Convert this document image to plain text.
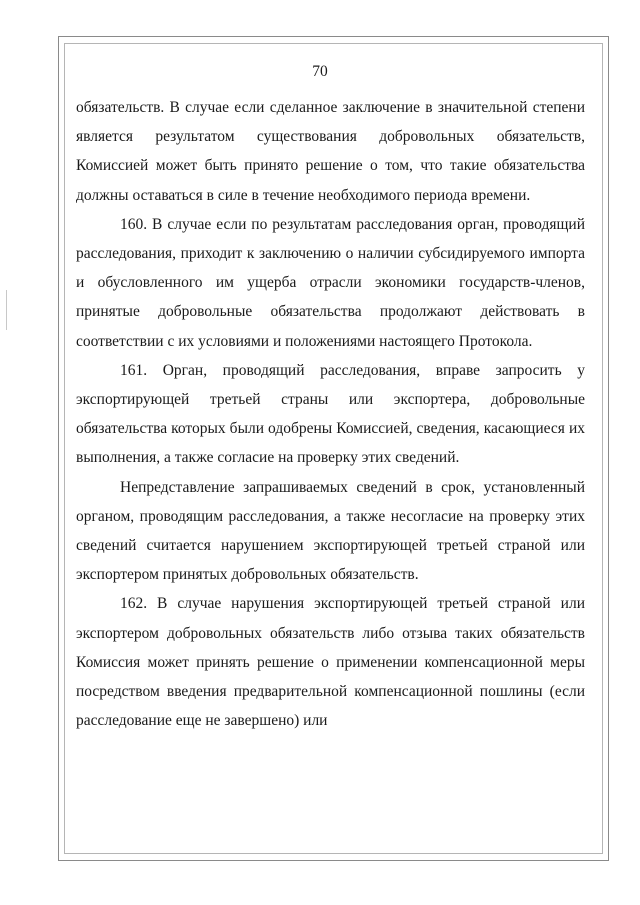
70

обязательств. В случае если сделанное заключение в значительной степени является результатом существования добровольных обязательств, Комиссией может быть принято решение о том, что такие обязательства должны оставаться в силе в течение необходимого периода времени.

160. В случае если по результатам расследования орган, проводящий расследования, приходит к заключению о наличии субсидируемого импорта и обусловленного им ущерба отрасли экономики государств-членов, принятые добровольные обязательства продолжают действовать в соответствии с их условиями и положениями настоящего Протокола.

161. Орган, проводящий расследования, вправе запросить у экспортирующей третьей страны или экспортера, добровольные обязательства которых были одобрены Комиссией, сведения, касающиеся их выполнения, а также согласие на проверку этих сведений.

Непредставление запрашиваемых сведений в срок, установленный органом, проводящим расследования, а также несогласие на проверку этих сведений считается нарушением экспортирующей третьей страной или экспортером принятых добровольных обязательств.

162. В случае нарушения экспортирующей третьей страной или экспортером добровольных обязательств либо отзыва таких обязательств Комиссия может принять решение о применении компенсационной меры посредством введения предварительной компенсационной пошлины (если расследование еще не завершено) или
